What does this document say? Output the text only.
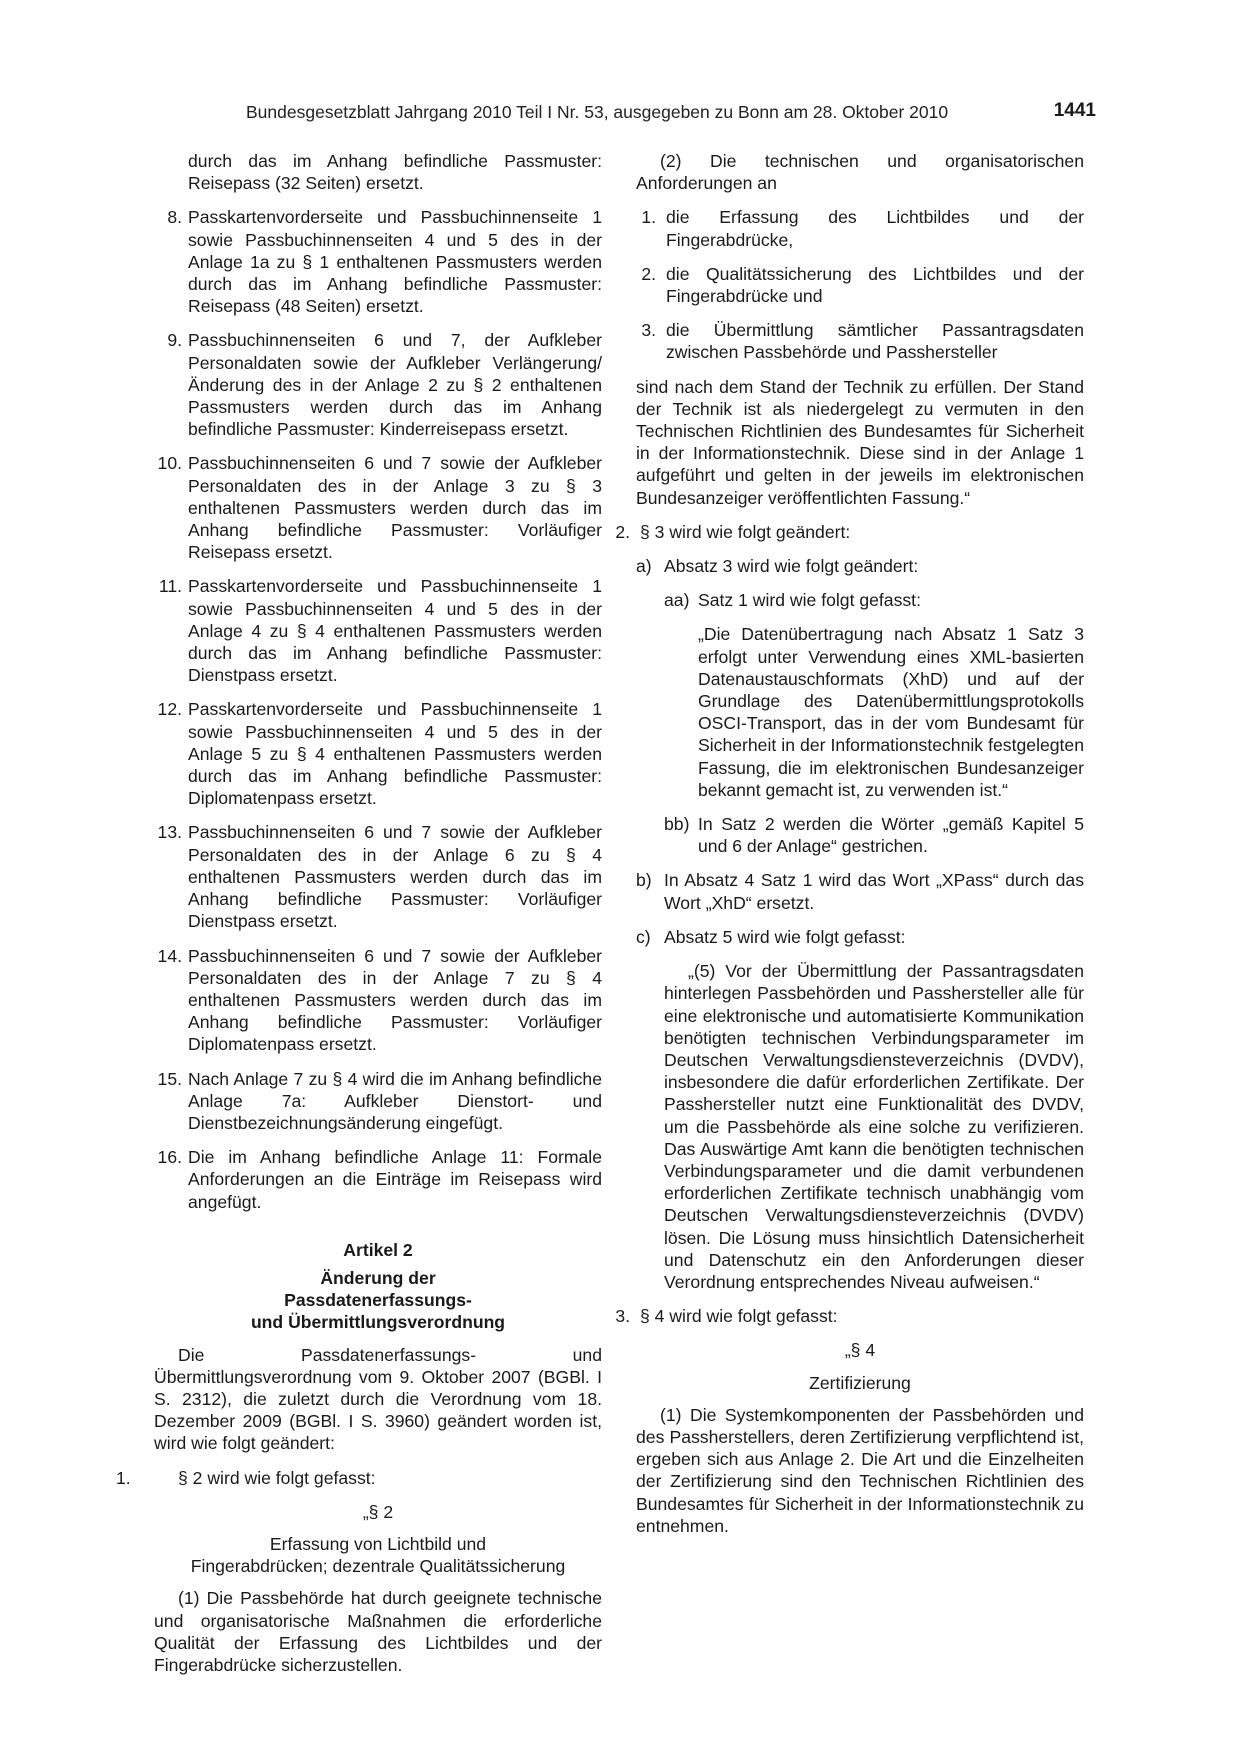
Bundesgesetzblatt Jahrgang 2010 Teil I Nr. 53, ausgegeben zu Bonn am 28. Oktober 2010	1441

durch das im Anhang befindliche Passmuster: Reisepass (32 Seiten) ersetzt.

8. Passkartenvorderseite und Passbuchinnenseite 1 sowie Passbuchinnenseiten 4 und 5 des in der Anlage 1a zu § 1 enthaltenen Passmusters werden durch das im Anhang befindliche Passmuster: Reisepass (48 Seiten) ersetzt.

9. Passbuchinnenseiten 6 und 7, der Aufkleber Personaldaten sowie der Aufkleber Verlängerung/Änderung des in der Anlage 2 zu § 2 enthaltenen Passmusters werden durch das im Anhang befindliche Passmuster: Kinderreisepass ersetzt.

10. Passbuchinnenseiten 6 und 7 sowie der Aufkleber Personaldaten des in der Anlage 3 zu § 3 enthaltenen Passmusters werden durch das im Anhang befindliche Passmuster: Vorläufiger Reisepass ersetzt.

11. Passkartenvorderseite und Passbuchinnenseite 1 sowie Passbuchinnenseiten 4 und 5 des in der Anlage 4 zu § 4 enthaltenen Passmusters werden durch das im Anhang befindliche Passmuster: Dienstpass ersetzt.

12. Passkartenvorderseite und Passbuchinnenseite 1 sowie Passbuchinnenseiten 4 und 5 des in der Anlage 5 zu § 4 enthaltenen Passmusters werden durch das im Anhang befindliche Passmuster: Diplomatenpass ersetzt.

13. Passbuchinnenseiten 6 und 7 sowie der Aufkleber Personaldaten des in der Anlage 6 zu § 4 enthaltenen Passmusters werden durch das im Anhang befindliche Passmuster: Vorläufiger Dienstpass ersetzt.

14. Passbuchinnenseiten 6 und 7 sowie der Aufkleber Personaldaten des in der Anlage 7 zu § 4 enthaltenen Passmusters werden durch das im Anhang befindliche Passmuster: Vorläufiger Diplomatenpass ersetzt.

15. Nach Anlage 7 zu § 4 wird die im Anhang befindliche Anlage 7a: Aufkleber Dienstort- und Dienstbezeichnungsänderung eingefügt.

16. Die im Anhang befindliche Anlage 11: Formale Anforderungen an die Einträge im Reisepass wird angefügt.

Artikel 2

Änderung der
Passdatenerfassungs-
und Übermittlungsverordnung

Die Passdatenerfassungs- und Übermittlungsverordnung vom 9. Oktober 2007 (BGBl. I S. 2312), die zuletzt durch die Verordnung vom 18. Dezember 2009 (BGBl. I S. 3960) geändert worden ist, wird wie folgt geändert:

1.	§ 2 wird wie folgt gefasst:

„§ 2

Erfassung von Lichtbild und
Fingerabdrücken; dezentrale Qualitätssicherung

(1) Die Passbehörde hat durch geeignete technische und organisatorische Maßnahmen die erforderliche Qualität der Erfassung des Lichtbildes und der Fingerabdrücke sicherzustellen.

(2) Die technischen und organisatorischen Anforderungen an

1. die Erfassung des Lichtbildes und der Fingerabdrücke,

2. die Qualitätssicherung des Lichtbildes und der Fingerabdrücke und

3. die Übermittlung sämtlicher Passantragsdaten zwischen Passbehörde und Passhersteller

sind nach dem Stand der Technik zu erfüllen. Der Stand der Technik ist als niedergelegt zu vermuten in den Technischen Richtlinien des Bundesamtes für Sicherheit in der Informationstechnik. Diese sind in der Anlage 1 aufgeführt und gelten in der jeweils im elektronischen Bundesanzeiger veröffentlichten Fassung.“

2. § 3 wird wie folgt geändert:

a) Absatz 3 wird wie folgt geändert:

aa) Satz 1 wird wie folgt gefasst:

„Die Datenübertragung nach Absatz 1 Satz 3 erfolgt unter Verwendung eines XML-basierten Datenaustauschformats (XhD) und auf der Grundlage des Datenübermittlungsprotokolls OSCI-Transport, das in der vom Bundesamt für Sicherheit in der Informationstechnik festgelegten Fassung, die im elektronischen Bundesanzeiger bekannt gemacht ist, zu verwenden ist.“

bb) In Satz 2 werden die Wörter „gemäß Kapitel 5 und 6 der Anlage“ gestrichen.

b) In Absatz 4 Satz 1 wird das Wort „XPass“ durch das Wort „XhD“ ersetzt.

c) Absatz 5 wird wie folgt gefasst:

„(5) Vor der Übermittlung der Passantragsdaten hinterlegen Passbehörden und Passhersteller alle für eine elektronische und automatisierte Kommunikation benötigten technischen Verbindungsparameter im Deutschen Verwaltungsdiensteverzeichnis (DVDV), insbesondere die dafür erforderlichen Zertifikate. Der Passhersteller nutzt eine Funktionalität des DVDV, um die Passbehörde als eine solche zu verifizieren. Das Auswärtige Amt kann die benötigten technischen Verbindungsparameter und die damit verbundenen erforderlichen Zertifikate technisch unabhängig vom Deutschen Verwaltungsdiensteverzeichnis (DVDV) lösen. Die Lösung muss hinsichtlich Datensicherheit und Datenschutz ein den Anforderungen dieser Verordnung entsprechendes Niveau aufweisen.“

3. § 4 wird wie folgt gefasst:

„§ 4

Zertifizierung

(1) Die Systemkomponenten der Passbehörden und des Passherstellers, deren Zertifizierung verpflichtend ist, ergeben sich aus Anlage 2. Die Art und die Einzelheiten der Zertifizierung sind den Technischen Richtlinien des Bundesamtes für Sicherheit in der Informationstechnik zu entnehmen.
